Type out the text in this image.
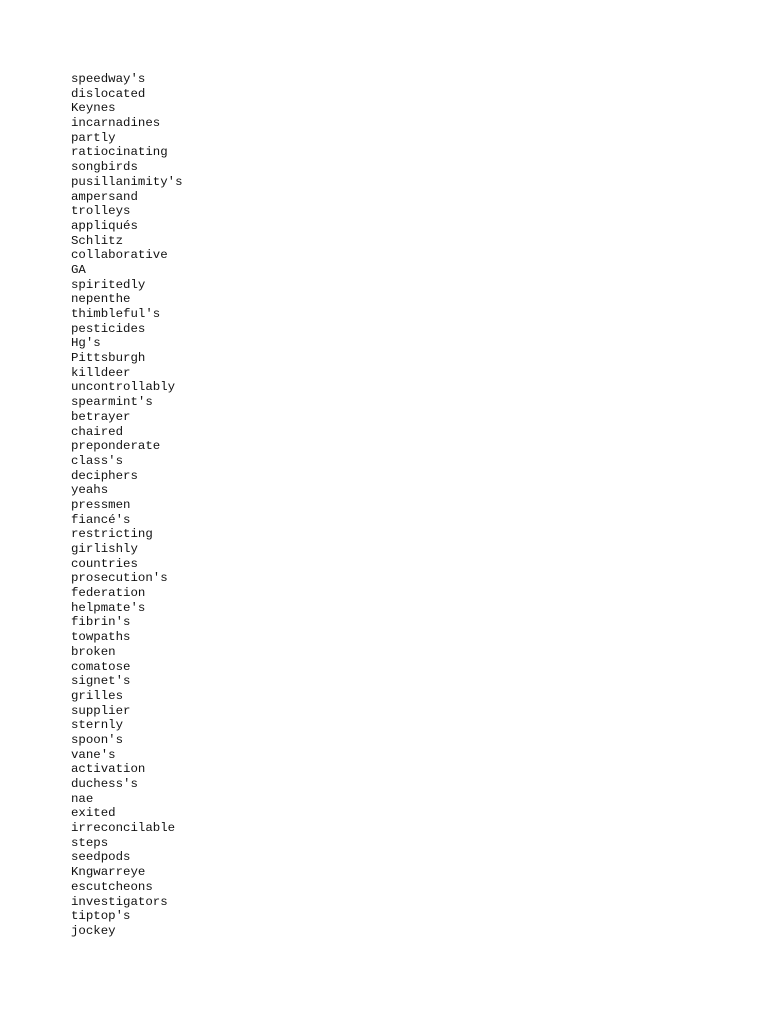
speedway's
dislocated
Keynes
incarnadines
partly
ratiocinating
songbirds
pusillanimity's
ampersand
trolleys
appliqués
Schlitz
collaborative
GA
spiritedly
nepenthe
thimbleful's
pesticides
Hg's
Pittsburgh
killdeer
uncontrollably
spearmint's
betrayer
chaired
preponderate
class's
deciphers
yeahs
pressmen
fiancé's
restricting
girlishly
countries
prosecution's
federation
helpmate's
fibrin's
towpaths
broken
comatose
signet's
grilles
supplier
sternly
spoon's
vane's
activation
duchess's
nae
exited
irreconcilable
steps
seedpods
Kngwarreye
escutcheons
investigators
tiptop's
jockey
